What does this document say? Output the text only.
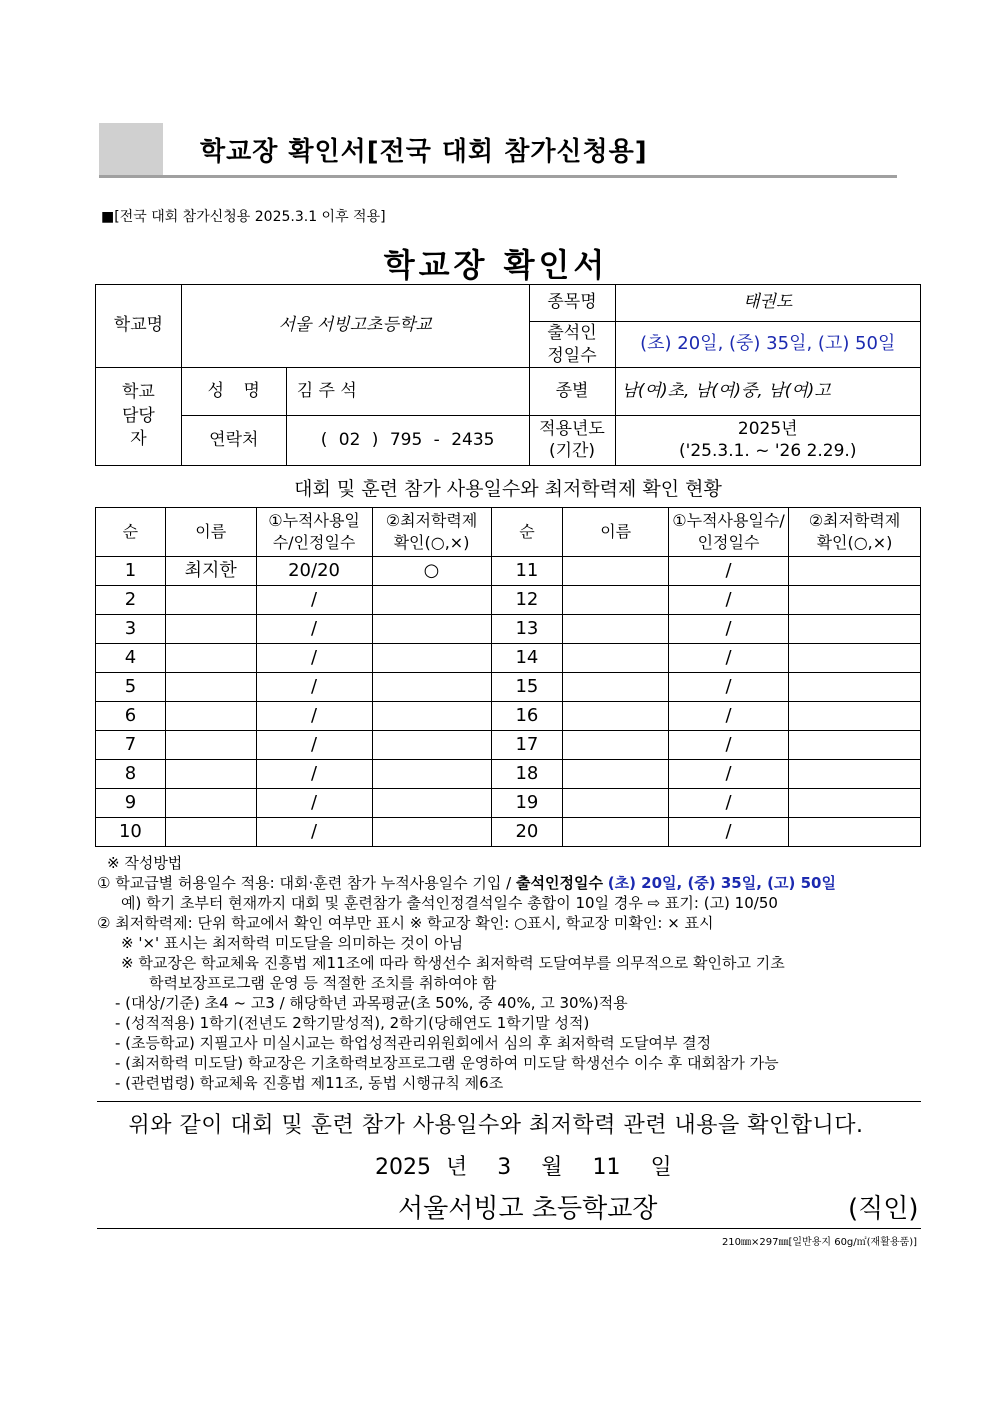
학교장 확인서[전국 대회 참가신청용]
■[전국 대회 참가신청용 2025.3.1 이후 적용]
학교장 확인서
학교명	서울 서빙고초등학교		종목명	태권도

			출석인정일수	(초) 20일, (중) 35일, (고) 50일

학교담당자	성 명	김 주 석	종별	남(여)초, 남(여)중, 남(여)고
	연락처	( 02 ) 795 - 2435	적용년도(기간)	2025년
('25.3.1. ~ '26 2.29.)
대회 및 훈련 참가 사용일수와 최저학력제 확인 현황
순	이름	①누적사용일수/인정일수	②최저학력제 확인(○,×)	순	이름	①누적사용일수/인정일수	②최저학력제 확인(○,×)

1	최지한	20/20	○	11		/	
2		/		12		/	
3		/		13		/	
4		/		14		/	
5		/		15		/	
6		/		16		/	
7		/		17		/	
8		/		18		/	
9		/		19		/	
10		/		20		/	
※ 작성방법
① 학교급별 허용일수 적용: 대회·훈련 참가 누적사용일수 기입 / 출석인정일수 (초) 20일, (중) 35일, (고) 50일
예) 학기 초부터 현재까지 대회 및 훈련참가 출석인정결석일수 총합이 10일 경우 ⇨ 표기: (고) 10/50
② 최저학력제: 단위 학교에서 확인 여부만 표시 ※ 학교장 확인: ○표시, 학교장 미확인: × 표시
※ '×' 표시는 최저학력 미도달을 의미하는 것이 아님
※ 학교장은 학교체육 진흥법 제11조에 따라 학생선수 최저학력 도달여부를 의무적으로 확인하고 기초
학력보장프로그램 운영 등 적절한 조치를 취하여야 함
- (대상/기준) 초4 ~ 고3 / 해당학년 과목평균(초 50%, 중 40%, 고 30%)적용
- (성적적용) 1학기(전년도 2학기말성적), 2학기(당해연도 1학기말 성적)
- (초등학교) 지필고사 미실시교는 학업성적관리위원회에서 심의 후 최저학력 도달여부 결정
- (최저학력 미도달) 학교장은 기초학력보장프로그램 운영하여 미도달 학생선수 이수 후 대회참가 가능
- (관련법령) 학교체육 진흥법 제11조, 동법 시행규칙 제6조
위와 같이 대회 및 훈련 참가 사용일수와 최저학력 관련 내용을 확인합니다.
2025 년 3 월 11 일
서울서빙고 초등학교장	(직인)
210㎜×297㎜[일반용지 60g/㎡(재활용품)]
